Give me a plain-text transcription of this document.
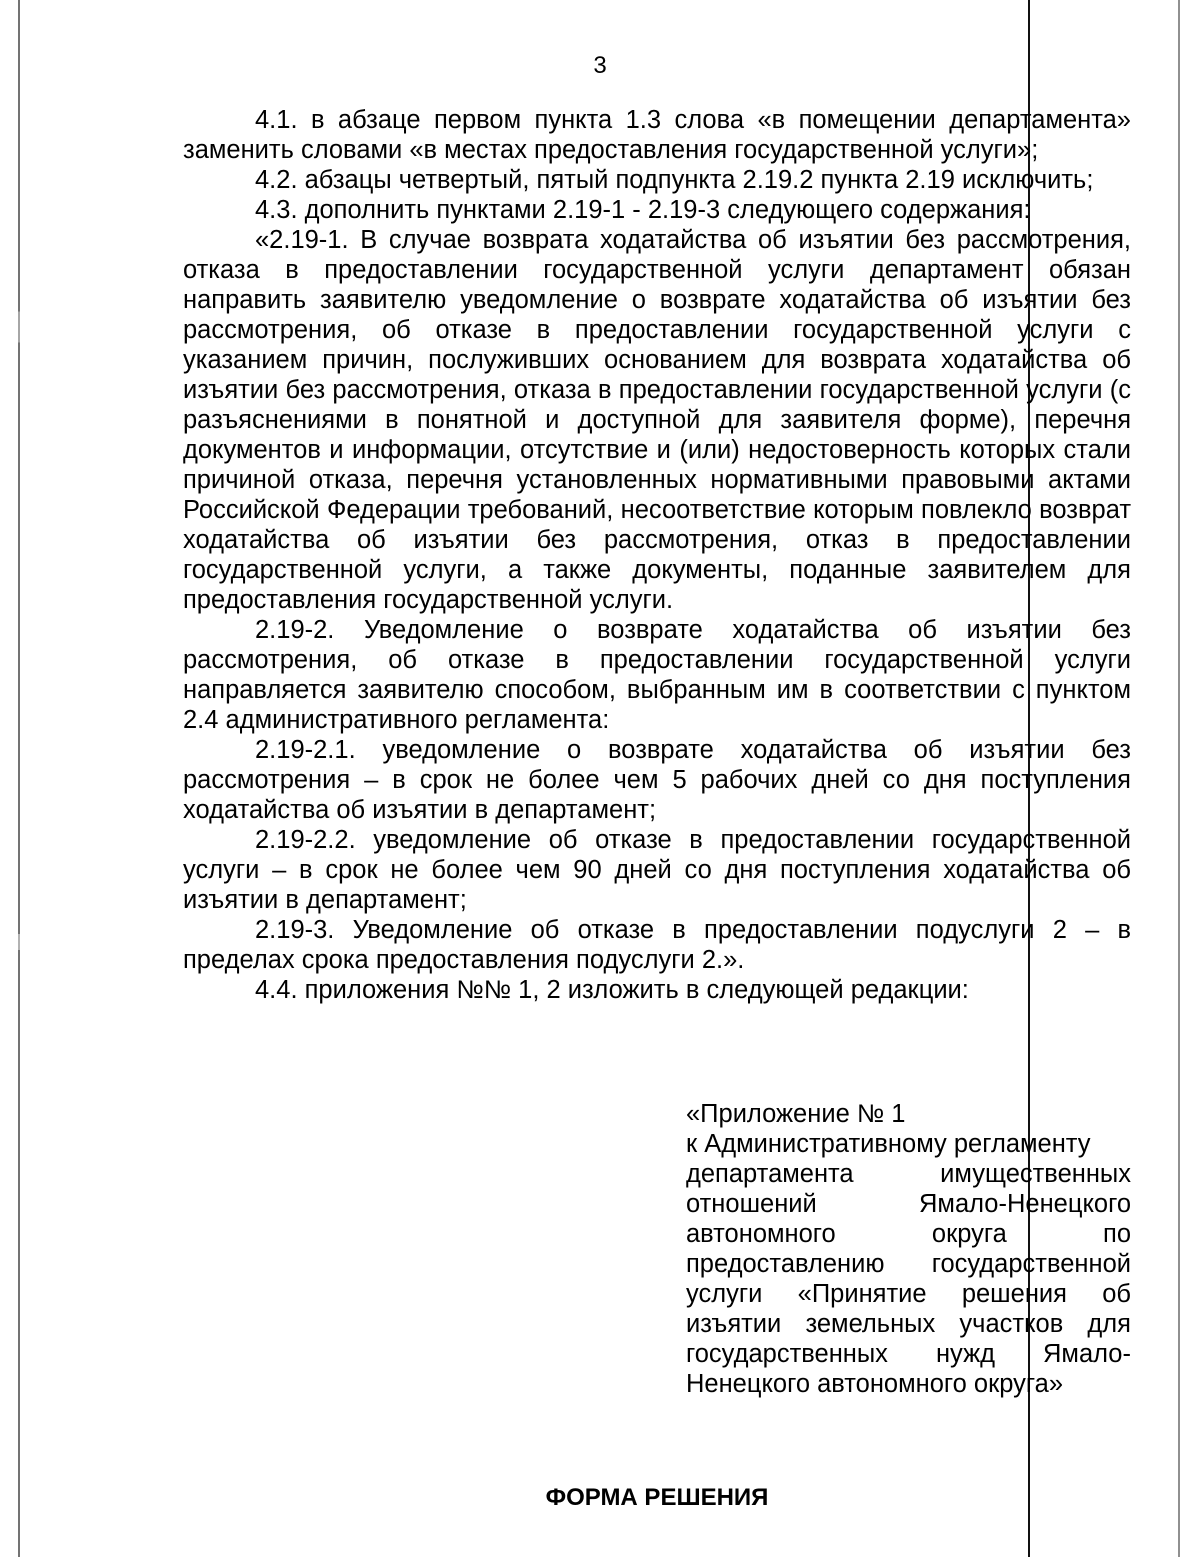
3

4.1. в абзаце первом пункта 1.3 слова «в помещении департамента» заменить словами «в местах предоставления государственной услуги»;

4.2. абзацы четвертый, пятый подпункта 2.19.2 пункта 2.19 исключить;

4.3. дополнить пунктами 2.19-1 - 2.19-3 следующего содержания:

«2.19-1. В случае возврата ходатайства об изъятии без рассмотрения, отказа в предоставлении государственной услуги департамент обязан направить заявителю уведомление о возврате ходатайства об изъятии без рассмотрения, об отказе в предоставлении государственной услуги с указанием причин, послуживших основанием для возврата ходатайства об изъятии без рассмотрения, отказа в предоставлении государственной услуги (с разъяснениями в понятной и доступной для заявителя форме), перечня документов и информации, отсутствие и (или) недостоверность которых стали причиной отказа, перечня установленных нормативными правовыми актами Российской Федерации требований, несоответствие которым повлекло возврат ходатайства об изъятии без рассмотрения, отказ в предоставлении государственной услуги, а также документы, поданные заявителем для предоставления государственной услуги.

2.19-2. Уведомление о возврате ходатайства об изъятии без рассмотрения, об отказе в предоставлении государственной услуги направляется заявителю способом, выбранным им в соответствии с пунктом 2.4 административного регламента:

2.19-2.1. уведомление о возврате ходатайства об изъятии без рассмотрения – в срок не более чем 5 рабочих дней со дня поступления ходатайства об изъятии в департамент;

2.19-2.2. уведомление об отказе в предоставлении государственной услуги – в срок не более чем 90 дней со дня поступления ходатайства об изъятии в департамент;

2.19-3. Уведомление об отказе в предоставлении подуслуги 2 – в пределах срока предоставления подуслуги 2.».

4.4. приложения №№ 1, 2 изложить в следующей редакции:

«Приложение № 1

к Административному регламенту

департамента имущественных отношений Ямало-Ненецкого автономного округа по предоставлению государственной услуги «Принятие решения об изъятии земельных участков для государственных нужд Ямало-Ненецкого автономного округа»

ФОРМА РЕШЕНИЯ
